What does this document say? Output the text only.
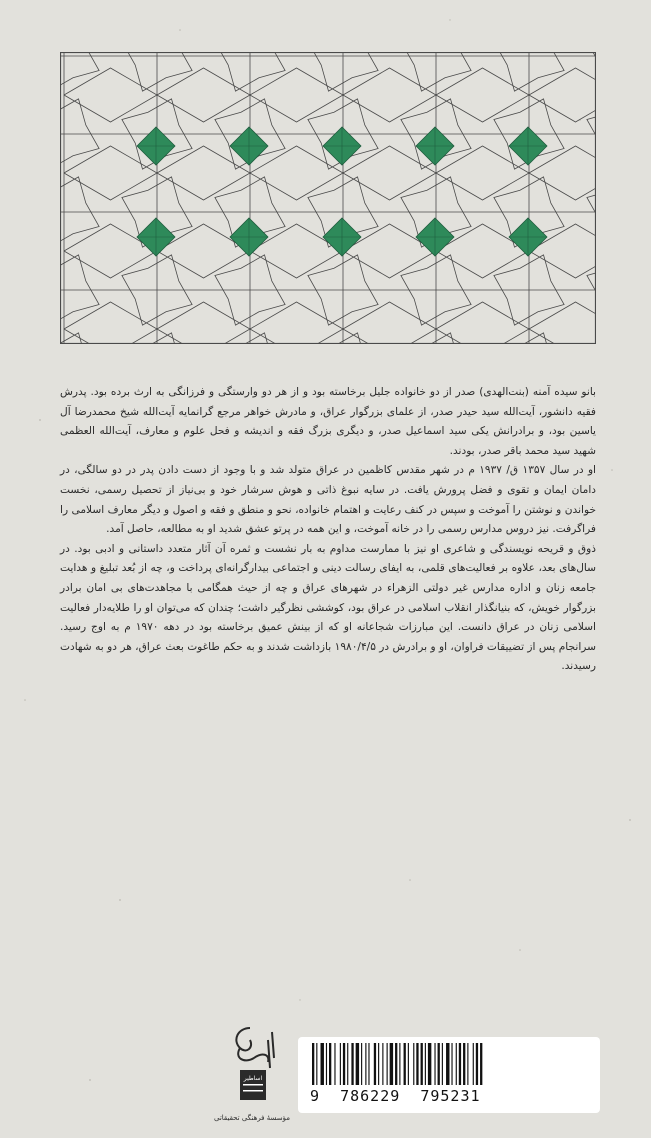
بانو سیده آمنه (بنت‌الهدی) صدر از دو خانواده جلیل برخاسته بود و از هر دو وارستگی و فرزانگی به ارث برده بود. پدرش فقیه دانشور، آیت‌الله سید حیدر صدر، از علمای بزرگوار عراق، و مادرش خواهر مرجع گرانمایه آیت‌الله شیخ محمدرضا آل یاسین بود، و برادرانش یکی سید اسماعیل صدر، و دیگری بزرگ فقه و اندیشه و فحل علوم و معارف، آیت‌الله العظمی شهید سید محمد باقر صدر، بودند.

او در سال ۱۳۵۷ ق/ ۱۹۳۷ م در شهر مقدس کاظمین در عراق متولد شد و با وجود از دست دادن پدر در دو سالگی، در دامان ایمان و تقوی و فضل پرورش یافت. در سایه نبوغ ذاتی و هوش سرشار خود و بی‌نیاز از تحصیل رسمی، نخست خواندن و نوشتن را آموخت و سپس در کنف رعایت و اهتمام خانواده، نحو و منطق و فقه و اصول و دیگر معارف اسلامی را فراگرفت. نیز دروس مدارس رسمی را در خانه آموخت، و این همه در پرتو عشق شدید او به مطالعه، حاصل آمد.

ذوق و قریحه نویسندگی و شاعری او نیز با ممارست مداوم به بار نشست و ثمره آن آثار متعدد داستانی و ادبی بود. در سال‌های بعد، علاوه بر فعالیت‌های قلمی، به ایفای رسالت دینی و اجتماعی بیدارگرانه‌ای پرداخت و، چه از بُعد تبلیغ و هدایت جامعه زنان و اداره مدارس غیر دولتی الزهراء در شهرهای عراق و چه از حیث همگامی با مجاهدت‌های بی امان برادر بزرگوار خویش، که بنیانگذار انقلاب اسلامی در عراق بود، کوششی نظرگیر داشت؛ چندان که می‌توان او را طلایه‌دار فعالیت اسلامی زنان در عراق دانست. این مبارزات شجاعانه او که از بینش عمیق برخاسته بود در دهه ۱۹۷۰ م به اوج رسید. سرانجام پس از تضییقات فراوان، او و برادرش در ۱۹۸۰/۴/۵ بازداشت شدند و به حکم طاغوت بعث عراق، هر دو به شهادت رسیدند.

اساطیر
مؤسسهٔ فرهنگی تحقیقاتی
9  786229  795231
